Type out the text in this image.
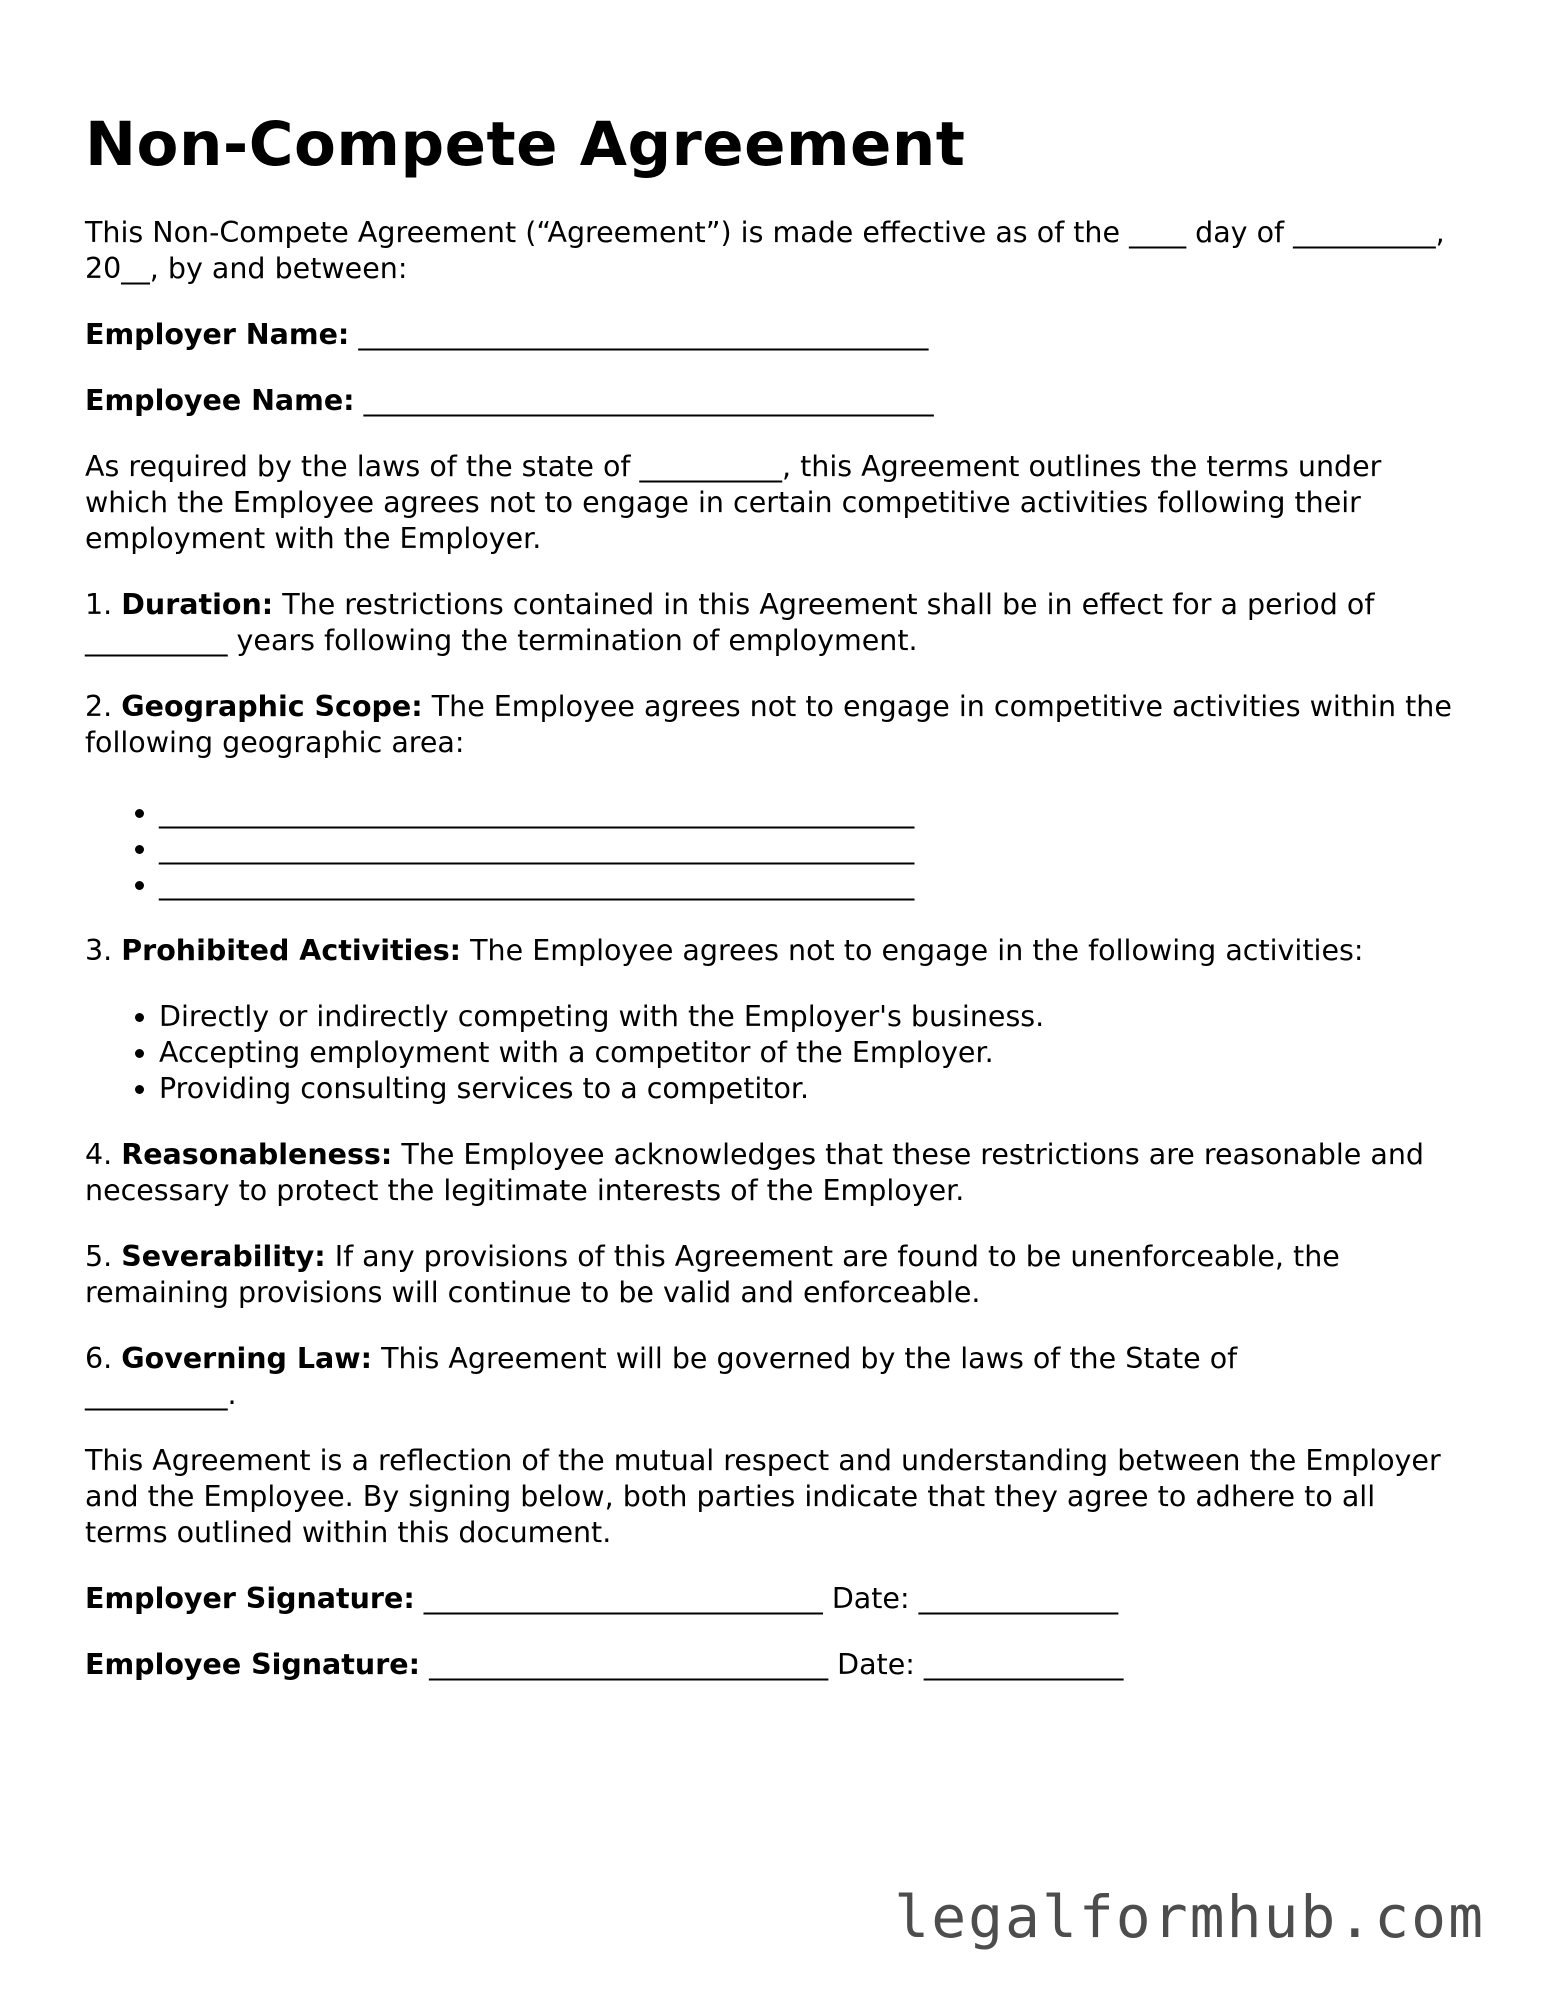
Non-Compete Agreement

This Non-Compete Agreement (“Agreement”) is made effective as of the ____ day of __________, 20__, by and between:

Employer Name: ________________________________________

Employee Name: ________________________________________

As required by the laws of the state of __________, this Agreement outlines the terms under which the Employee agrees not to engage in certain competitive activities following their employment with the Employer.

1. Duration: The restrictions contained in this Agreement shall be in effect for a period of __________ years following the termination of employment.

2. Geographic Scope: The Employee agrees not to engage in competitive activities within the following geographic area:

• _____________________________________________________
• _____________________________________________________
• _____________________________________________________

3. Prohibited Activities: The Employee agrees not to engage in the following activities:

• Directly or indirectly competing with the Employer's business.
• Accepting employment with a competitor of the Employer.
• Providing consulting services to a competitor.

4. Reasonableness: The Employee acknowledges that these restrictions are reasonable and necessary to protect the legitimate interests of the Employer.

5. Severability: If any provisions of this Agreement are found to be unenforceable, the remaining provisions will continue to be valid and enforceable.

6. Governing Law: This Agreement will be governed by the laws of the State of __________.

This Agreement is a reflection of the mutual respect and understanding between the Employer and the Employee. By signing below, both parties indicate that they agree to adhere to all terms outlined within this document.

Employer Signature: ____________________________ Date: ______________

Employee Signature: ____________________________ Date: ______________

legalformhub.com
